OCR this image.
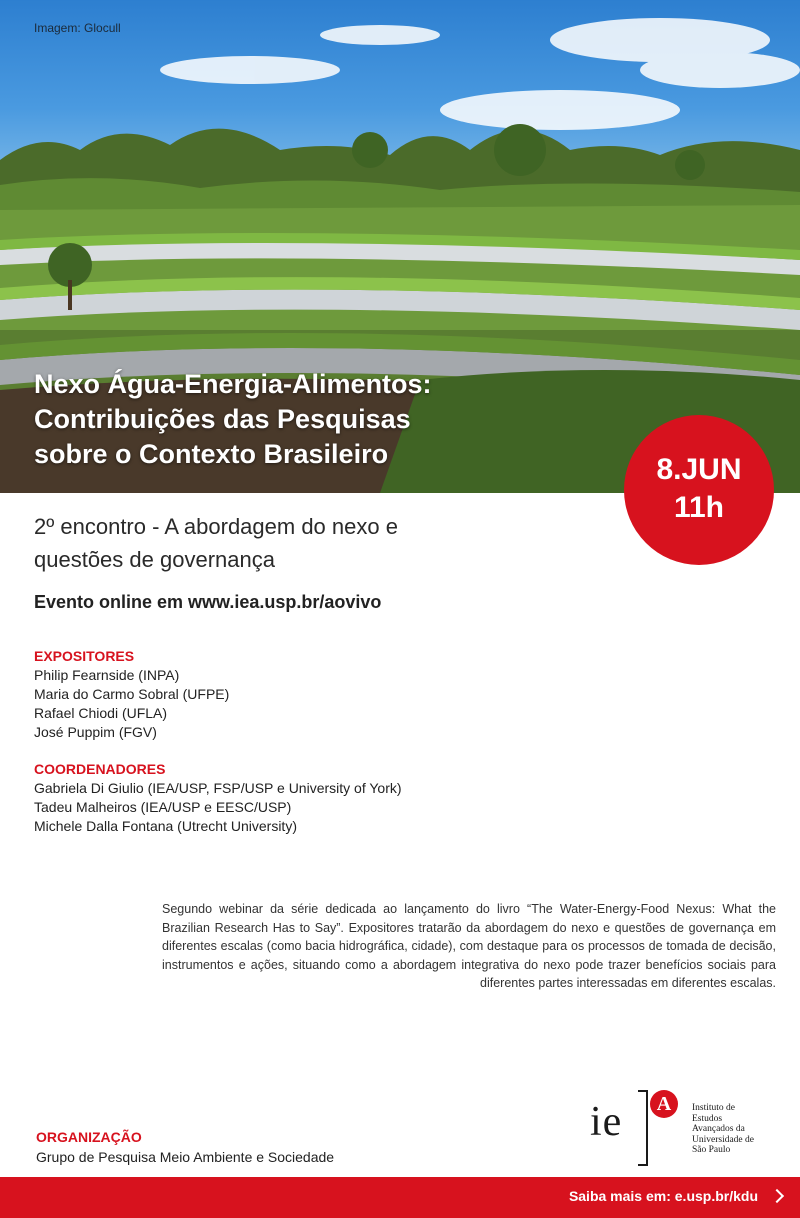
Imagem: Glocull
Nexo Água-Energia-Alimentos:
Contribuições das Pesquisas
sobre o Contexto Brasileiro	8.JUN
11h
2º encontro - A abordagem do nexo e
questões de governança
Evento online em www.iea.usp.br/aovivo
EXPOSITORES
Philip Fearnside (INPA)
Maria do Carmo Sobral (UFPE)
Rafael Chiodi (UFLA)
José Puppim (FGV)
COORDENADORES
Gabriela Di Giulio (IEA/USP, FSP/USP e University of York)
Tadeu Malheiros (IEA/USP e EESC/USP)
Michele Dalla Fontana (Utrecht University)

Segundo webinar da série dedicada ao lançamento do livro “The Water-Energy-Food Nexus: What the Brazilian Research Has to Say”. Expositores tratarão da abordagem do nexo e questões de governança em diferentes escalas (como bacia hidrográfica, cidade), com destaque para os processos de tomada de decisão, instrumentos e ações, situando como a abordagem integrativa do nexo pode trazer benefícios sociais para diferentes partes interessadas em diferentes escalas.

ORGANIZAÇÃO
Grupo de Pesquisa Meio Ambiente e Sociedade
ie	A	Instituto de
Estudos
Avançados da
Universidade de
São Paulo
Saiba mais em: e.usp.br/kdu
